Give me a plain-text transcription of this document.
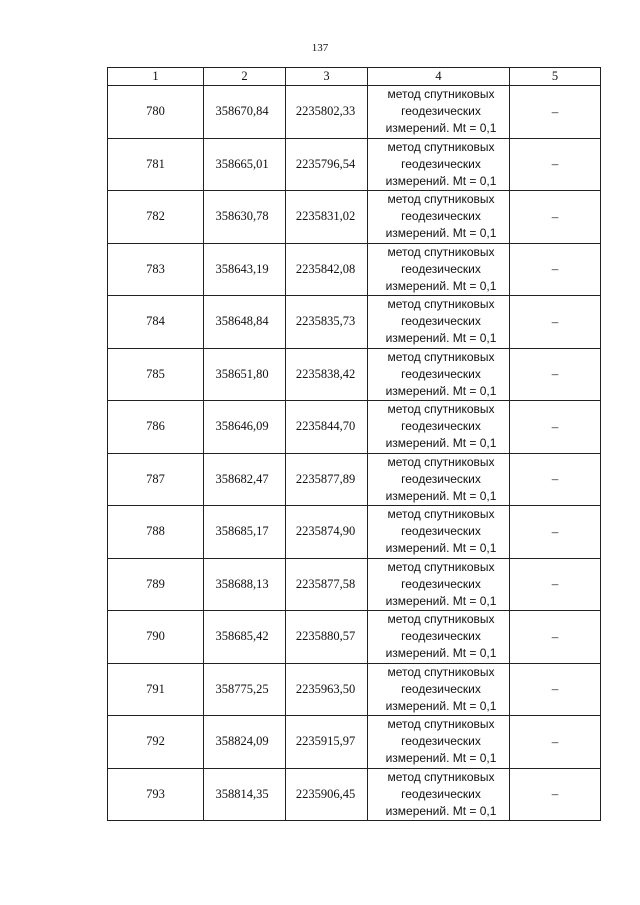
137
1	2	3	4	5
780	358670,84	2235802,33	метод спутниковых
геодезических
измерений. Mt = 0,1	–
781	358665,01	2235796,54	метод спутниковых
геодезических
измерений. Mt = 0,1	–
782	358630,78	2235831,02	метод спутниковых
геодезических
измерений. Mt = 0,1	–
783	358643,19	2235842,08	метод спутниковых
геодезических
измерений. Mt = 0,1	–
784	358648,84	2235835,73	метод спутниковых
геодезических
измерений. Mt = 0,1	–
785	358651,80	2235838,42	метод спутниковых
геодезических
измерений. Mt = 0,1	–
786	358646,09	2235844,70	метод спутниковых
геодезических
измерений. Mt = 0,1	–
787	358682,47	2235877,89	метод спутниковых
геодезических
измерений. Mt = 0,1	–
788	358685,17	2235874,90	метод спутниковых
геодезических
измерений. Mt = 0,1	–
789	358688,13	2235877,58	метод спутниковых
геодезических
измерений. Mt = 0,1	–
790	358685,42	2235880,57	метод спутниковых
геодезических
измерений. Mt = 0,1	–
791	358775,25	2235963,50	метод спутниковых
геодезических
измерений. Mt = 0,1	–
792	358824,09	2235915,97	метод спутниковых
геодезических
измерений. Mt = 0,1	–
793	358814,35	2235906,45	метод спутниковых
геодезических
измерений. Mt = 0,1	–
